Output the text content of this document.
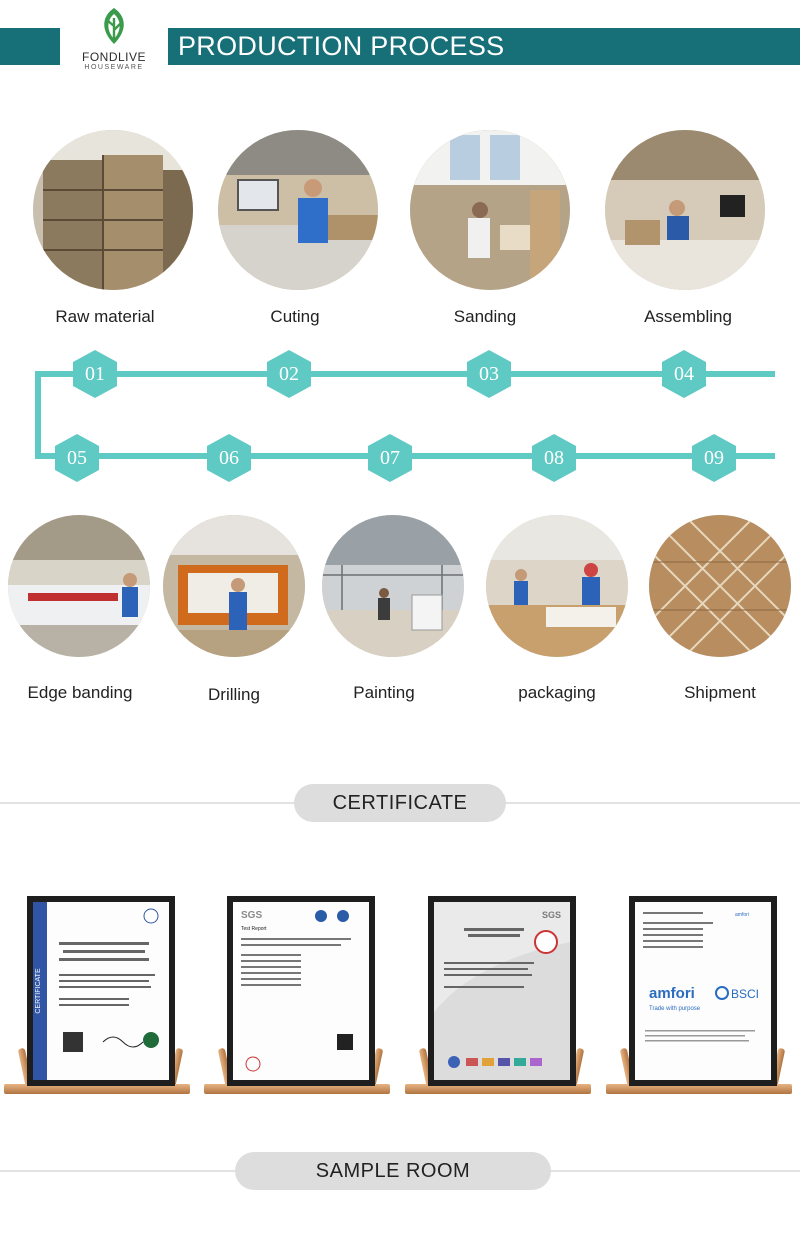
PRODUCTION PROCESS
FONDLIVE
HOUSEWARE
Raw material	Cuting	Sanding	Assembling
01	02	03	04
05	06	07	08	09
Edge banding	Drilling	Painting	packaging	Shipment
CERTIFICATE
CERTIFICATE
SGS
Test Report
SGS	amfori
amfori	BSCI
Trade with purpose
SAMPLE ROOM
